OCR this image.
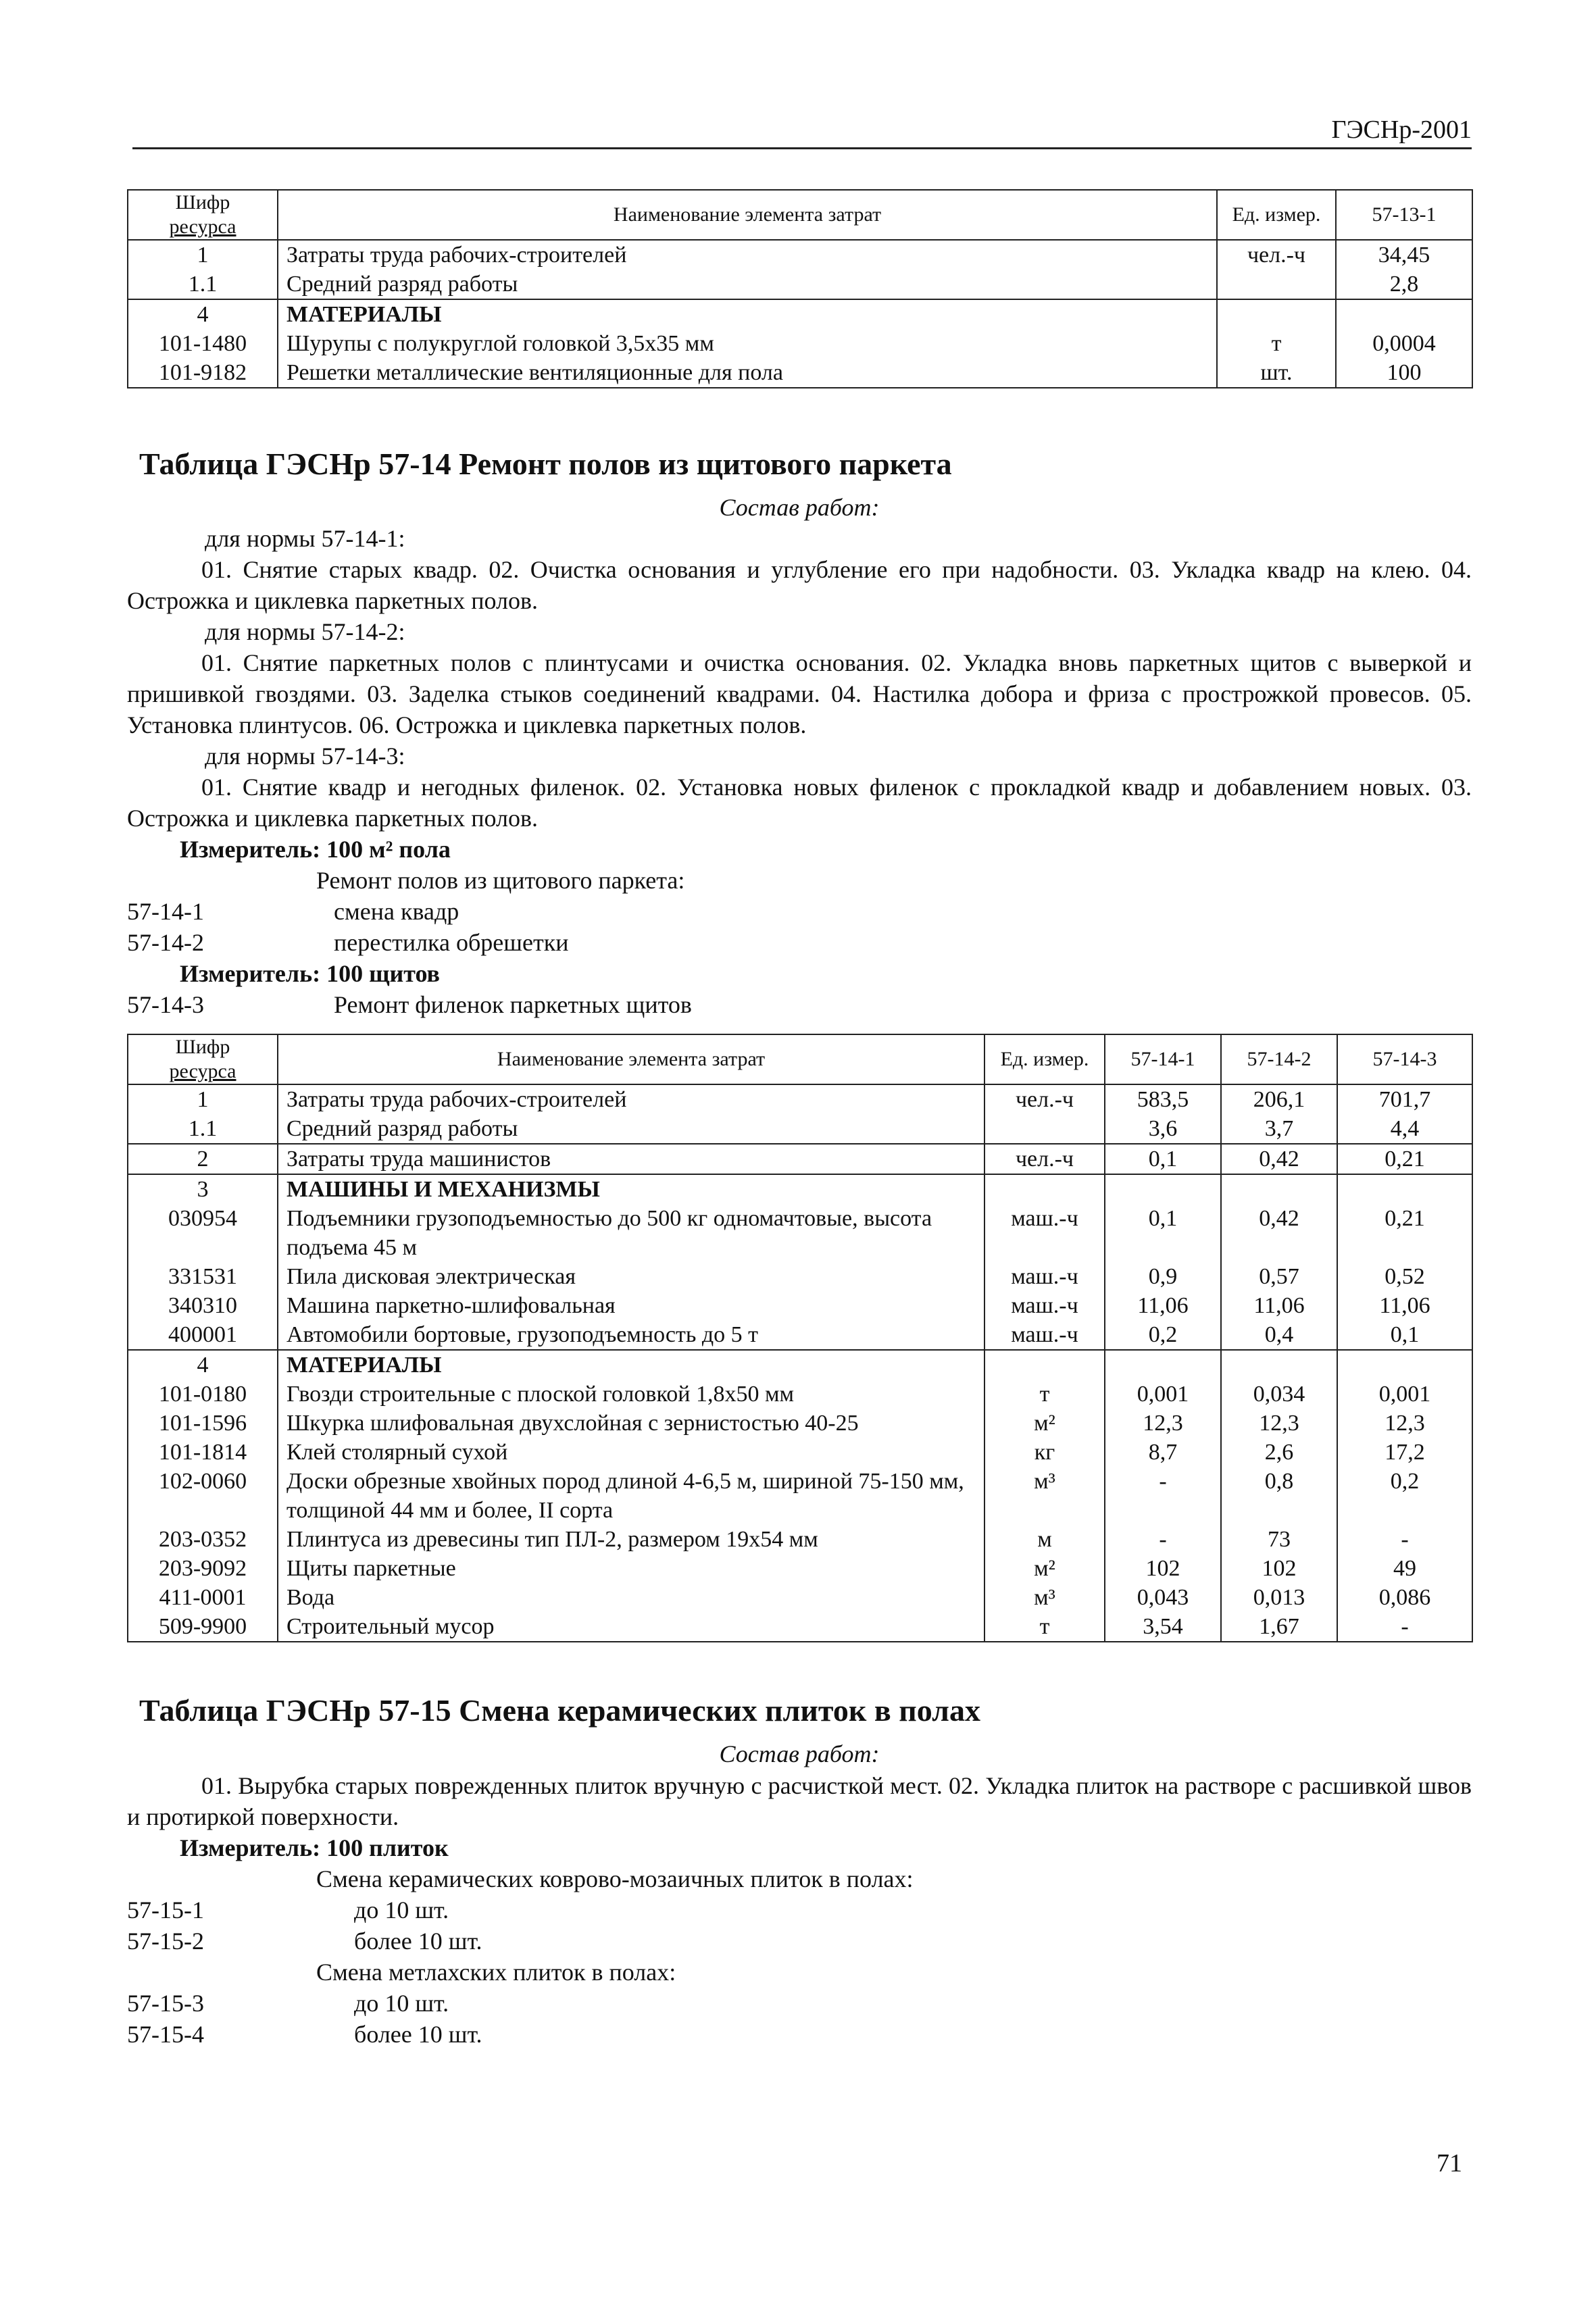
ГЭСНр-2001
Шифр
ресурса	Наименование элемента затрат	Ед. измер.	57-13-1
1	Затраты труда рабочих-строителей	чел.-ч	34,45
1.1	Средний разряд работы		2,8
4	МАТЕРИАЛЫ		
101-1480	Шурупы с полукруглой головкой 3,5x35 мм	т	0,0004
101-9182	Решетки металлические вентиляционные для пола	шт.	100
Таблица ГЭСНр 57-14 Ремонт полов из щитового паркета
Состав работ:

для нормы 57-14-1:

01. Снятие старых квадр. 02. Очистка основания и углубление его при надобности. 03. Укладка квадр на клею. 04. Острожка и циклевка паркетных полов.

для нормы 57-14-2:

01. Снятие паркетных полов с плинтусами и очистка основания. 02. Укладка вновь паркетных щитов с выверкой и пришивкой гвоздями. 03. Заделка стыков соединений квадрами. 04. Настилка добора и фриза с прострожкой провесов. 05. Установка плинтусов. 06. Острожка и циклевка паркетных полов.

для нормы 57-14-3:

01. Снятие квадр и негодных филенок. 02. Установка новых филенок с прокладкой квадр и добавлением новых. 03. Острожка и циклевка паркетных полов.

Измеритель: 100 м² пола

Ремонт полов из щитового паркета:

57-14-1	смена квадр
57-14-2	перестилка обрешетки

Измеритель: 100 щитов

57-14-3	Ремонт филенок паркетных щитов
Шифр
ресурса	Наименование элемента затрат	Ед. измер.	57-14-1	57-14-2	57-14-3
1	Затраты труда рабочих-строителей	чел.-ч	583,5	206,1	701,7
1.1	Средний разряд работы		3,6	3,7	4,4
2	Затраты труда машинистов	чел.-ч	0,1	0,42	0,21
3	МАШИНЫ И МЕХАНИЗМЫ				
030954	Подъемники грузоподъемностью до 500 кг одномачтовые, высота подъема 45 м	маш.-ч	0,1	0,42	0,21
331531	Пила дисковая электрическая	маш.-ч	0,9	0,57	0,52
340310	Машина паркетно-шлифовальная	маш.-ч	11,06	11,06	11,06
400001	Автомобили бортовые, грузоподъемность до 5 т	маш.-ч	0,2	0,4	0,1
4	МАТЕРИАЛЫ				
101-0180	Гвозди строительные с плоской головкой 1,8x50 мм	т	0,001	0,034	0,001
101-1596	Шкурка шлифовальная двухслойная с зернистостью 40-25	м²	12,3	12,3	12,3
101-1814	Клей столярный сухой	кг	8,7	2,6	17,2
102-0060	Доски обрезные хвойных пород длиной 4-6,5 м, шириной 75-150 мм, толщиной 44 мм и более, II сорта	м³	-	0,8	0,2
203-0352	Плинтуса из древесины тип ПЛ-2, размером 19x54 мм	м	-	73	-
203-9092	Щиты паркетные	м²	102	102	49
411-0001	Вода	м³	0,043	0,013	0,086
509-9900	Строительный мусор	т	3,54	1,67	-
Таблица ГЭСНр 57-15 Смена керамических плиток в полах
Состав работ:

01. Вырубка старых поврежденных плиток вручную с расчисткой мест. 02. Укладка плиток на растворе с расшивкой швов и протиркой поверхности.

Измеритель: 100 плиток

Смена керамических коврово-мозаичных плиток в полах:

57-15-1	до 10 шт.
57-15-2	более 10 шт.

Смена метлахских плиток в полах:

57-15-3	до 10 шт.
57-15-4	более 10 шт.
71
